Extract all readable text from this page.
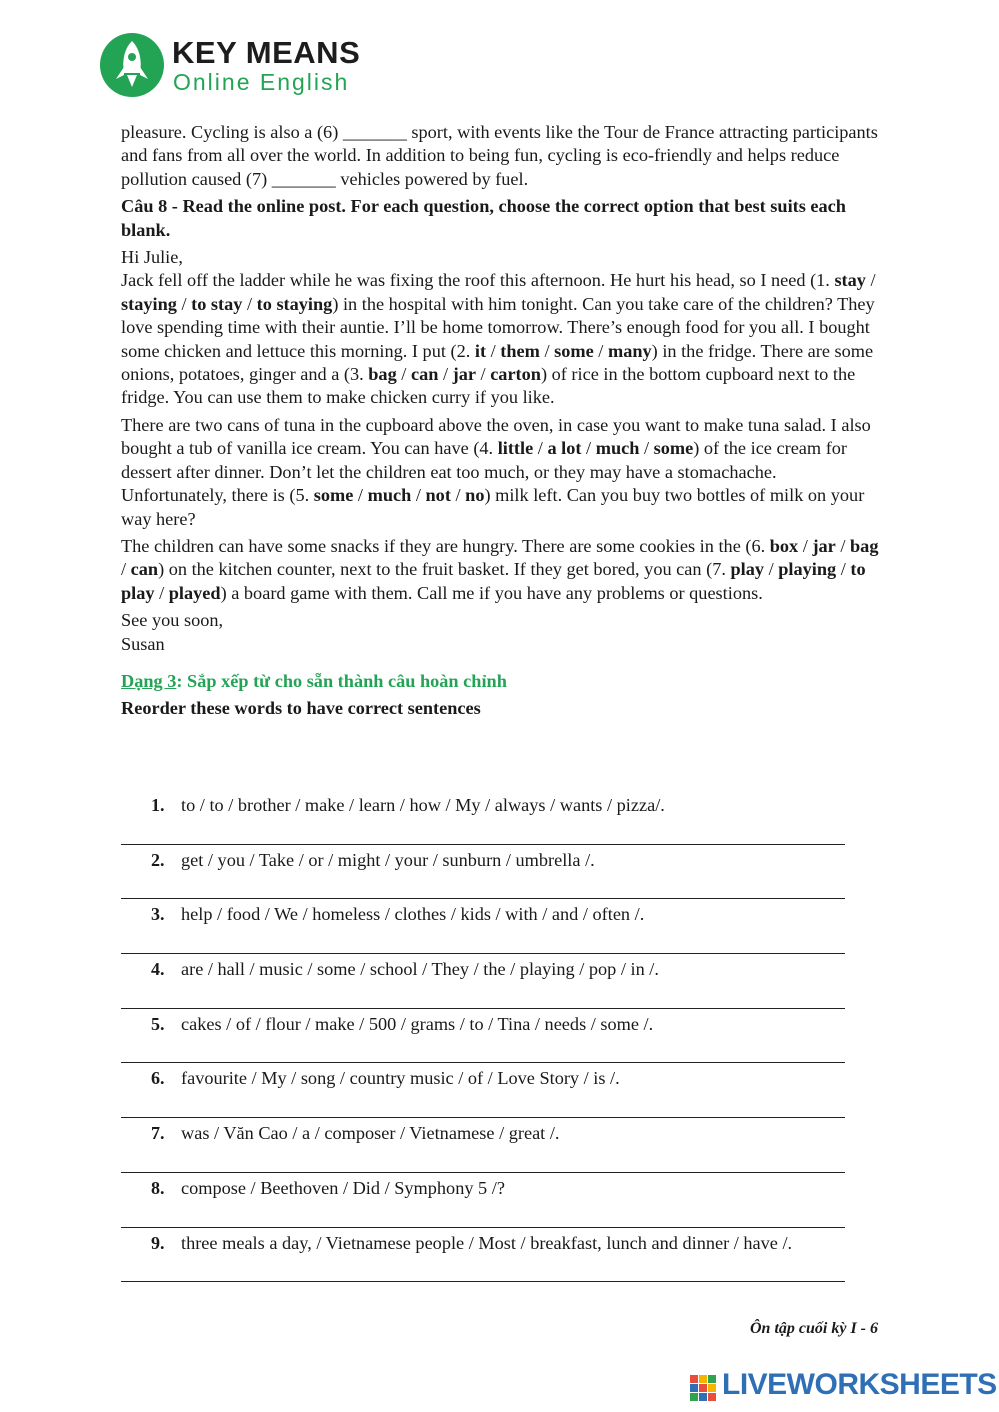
KEY MEANS
Online English

pleasure. Cycling is also a (6) _______ sport, with events like the Tour de France attracting participants and fans from all over the world. In addition to being fun, cycling is eco-friendly and helps reduce pollution caused (7) _______ vehicles powered by fuel.

Câu 8 - Read the online post. For each question, choose the correct option that best suits each blank.

Hi Julie,
Jack fell off the ladder while he was fixing the roof this afternoon. He hurt his head, so I need (1. stay / staying / to stay / to staying) in the hospital with him tonight. Can you take care of the children? They love spending time with their auntie. I’ll be home tomorrow. There’s enough food for you all. I bought some chicken and lettuce this morning. I put (2. it / them / some / many) in the fridge. There are some onions, potatoes, ginger and a (3. bag / can / jar / carton) of rice in the bottom cupboard next to the fridge. You can use them to make chicken curry if you like.

There are two cans of tuna in the cupboard above the oven, in case you want to make tuna salad. I also bought a tub of vanilla ice cream. You can have (4. little / a lot / much / some) of the ice cream for dessert after dinner. Don’t let the children eat too much, or they may have a stomachache. Unfortunately, there is (5. some / much / not / no) milk left. Can you buy two bottles of milk on your way here?

The children can have some snacks if they are hungry. There are some cookies in the (6. box / jar / bag / can) on the kitchen counter, next to the fruit basket. If they get bored, you can (7. play / playing / to play / played) a board game with them. Call me if you have any problems or questions.

See you soon,
Susan

Dạng 3: Sắp xếp từ cho sẵn thành câu hoàn chỉnh

Reorder these words to have correct sentences

1. to / to / brother / make / learn / how / My / always / wants / pizza/.
2. get / you / Take / or / might / your / sunburn / umbrella /.
3. help / food / We / homeless / clothes / kids / with / and / often /.
4. are / hall / music / some / school / They / the / playing / pop / in /.
5. cakes / of / flour / make / 500 / grams / to / Tina / needs / some /.
6. favourite / My / song / country music / of / Love Story / is /.
7. was / Văn Cao / a / composer / Vietnamese / great /.
8. compose / Beethoven / Did / Symphony 5 /?
9. three meals a day, / Vietnamese people / Most / breakfast, lunch and dinner / have /.
Ôn tập cuối kỳ I - 6
LIVEWORKSHEETS
